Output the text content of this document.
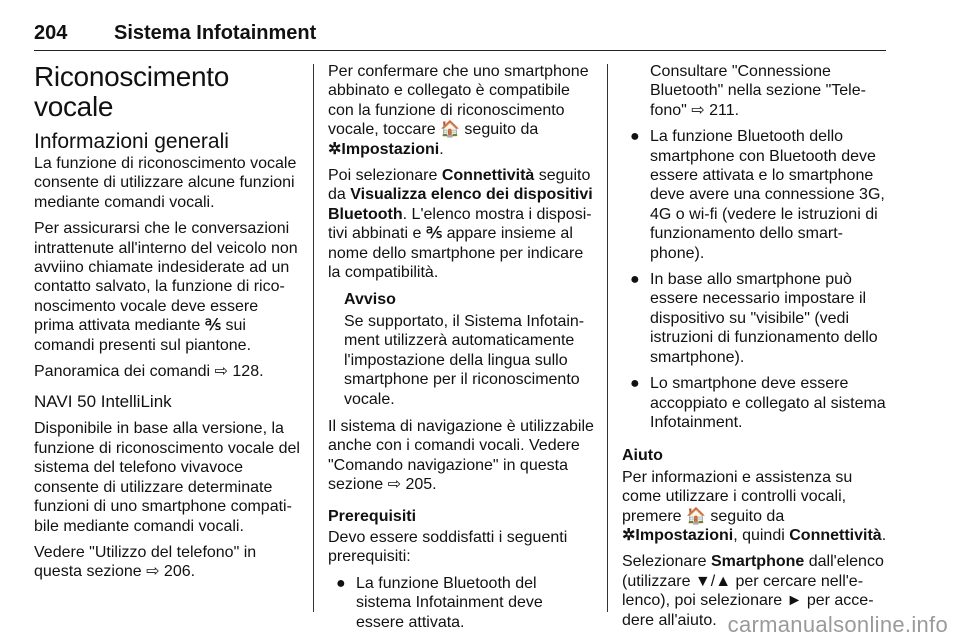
204	Sistema Infotainment
Riconoscimento vocale
Informazioni generali

La funzione di riconoscimento vocale consente di utilizzare alcune funzioni mediante comandi vocali.

Per assicurarsi che le conversazioni intrattenute all'interno del veicolo non avviino chiamate indesiderate ad un contatto salvato, la funzione di rico-noscimento vocale deve essere prima attivata mediante ℁ sui comandi presenti sul piantone.

Panoramica dei comandi ⇨ 128.

NAVI 50 IntelliLink

Disponibile in base alla versione, la funzione di riconoscimento vocale del sistema del telefono vivavoce consente di utilizzare determinate funzioni di uno smartphone compati-bile mediante comandi vocali.

Vedere "Utilizzo del telefono" in questa sezione ⇨ 206.

Per confermare che uno smartphone abbinato e collegato è compatibile con la funzione di riconoscimento vocale, toccare 🏠 seguito da ✲Impostazioni.

Poi selezionare Connettività seguito da Visualizza elenco dei dispositivi Bluetooth. L'elenco mostra i disposi-tivi abbinati e ℁ appare insieme al nome dello smartphone per indicare la compatibilità.

Avviso
Se supportato, il Sistema Infotain-ment utilizzerà automaticamente l'impostazione della lingua sullo smartphone per il riconoscimento vocale.

Il sistema di navigazione è utilizzabile anche con i comandi vocali. Vedere "Comando navigazione" in questa sezione ⇨ 205.

Prerequisiti

Devo essere soddisfatti i seguenti prerequisiti:

● La funzione Bluetooth del sistema Infotainment deve essere attivata.
Consultare "Connessione Bluetooth" nella sezione "Tele-fono" ⇨ 211.
● La funzione Bluetooth dello smartphone con Bluetooth deve essere attivata e lo smartphone deve avere una connessione 3G, 4G o wi-fi (vedere le istruzioni di funzionamento dello smart-phone).
● In base allo smartphone può essere necessario impostare il dispositivo su "visibile" (vedi istruzioni di funzionamento dello smartphone).
● Lo smartphone deve essere accoppiato e collegato al sistema Infotainment.
Aiuto

Per informazioni e assistenza su come utilizzare i controlli vocali, premere 🏠 seguito da ✲Impostazioni, quindi Connettività.

Selezionare Smartphone dall'elenco (utilizzare ▼/▲ per cercare nell'e-lenco), poi selezionare ► per acce-dere all'aiuto. carmanualsonline.info
